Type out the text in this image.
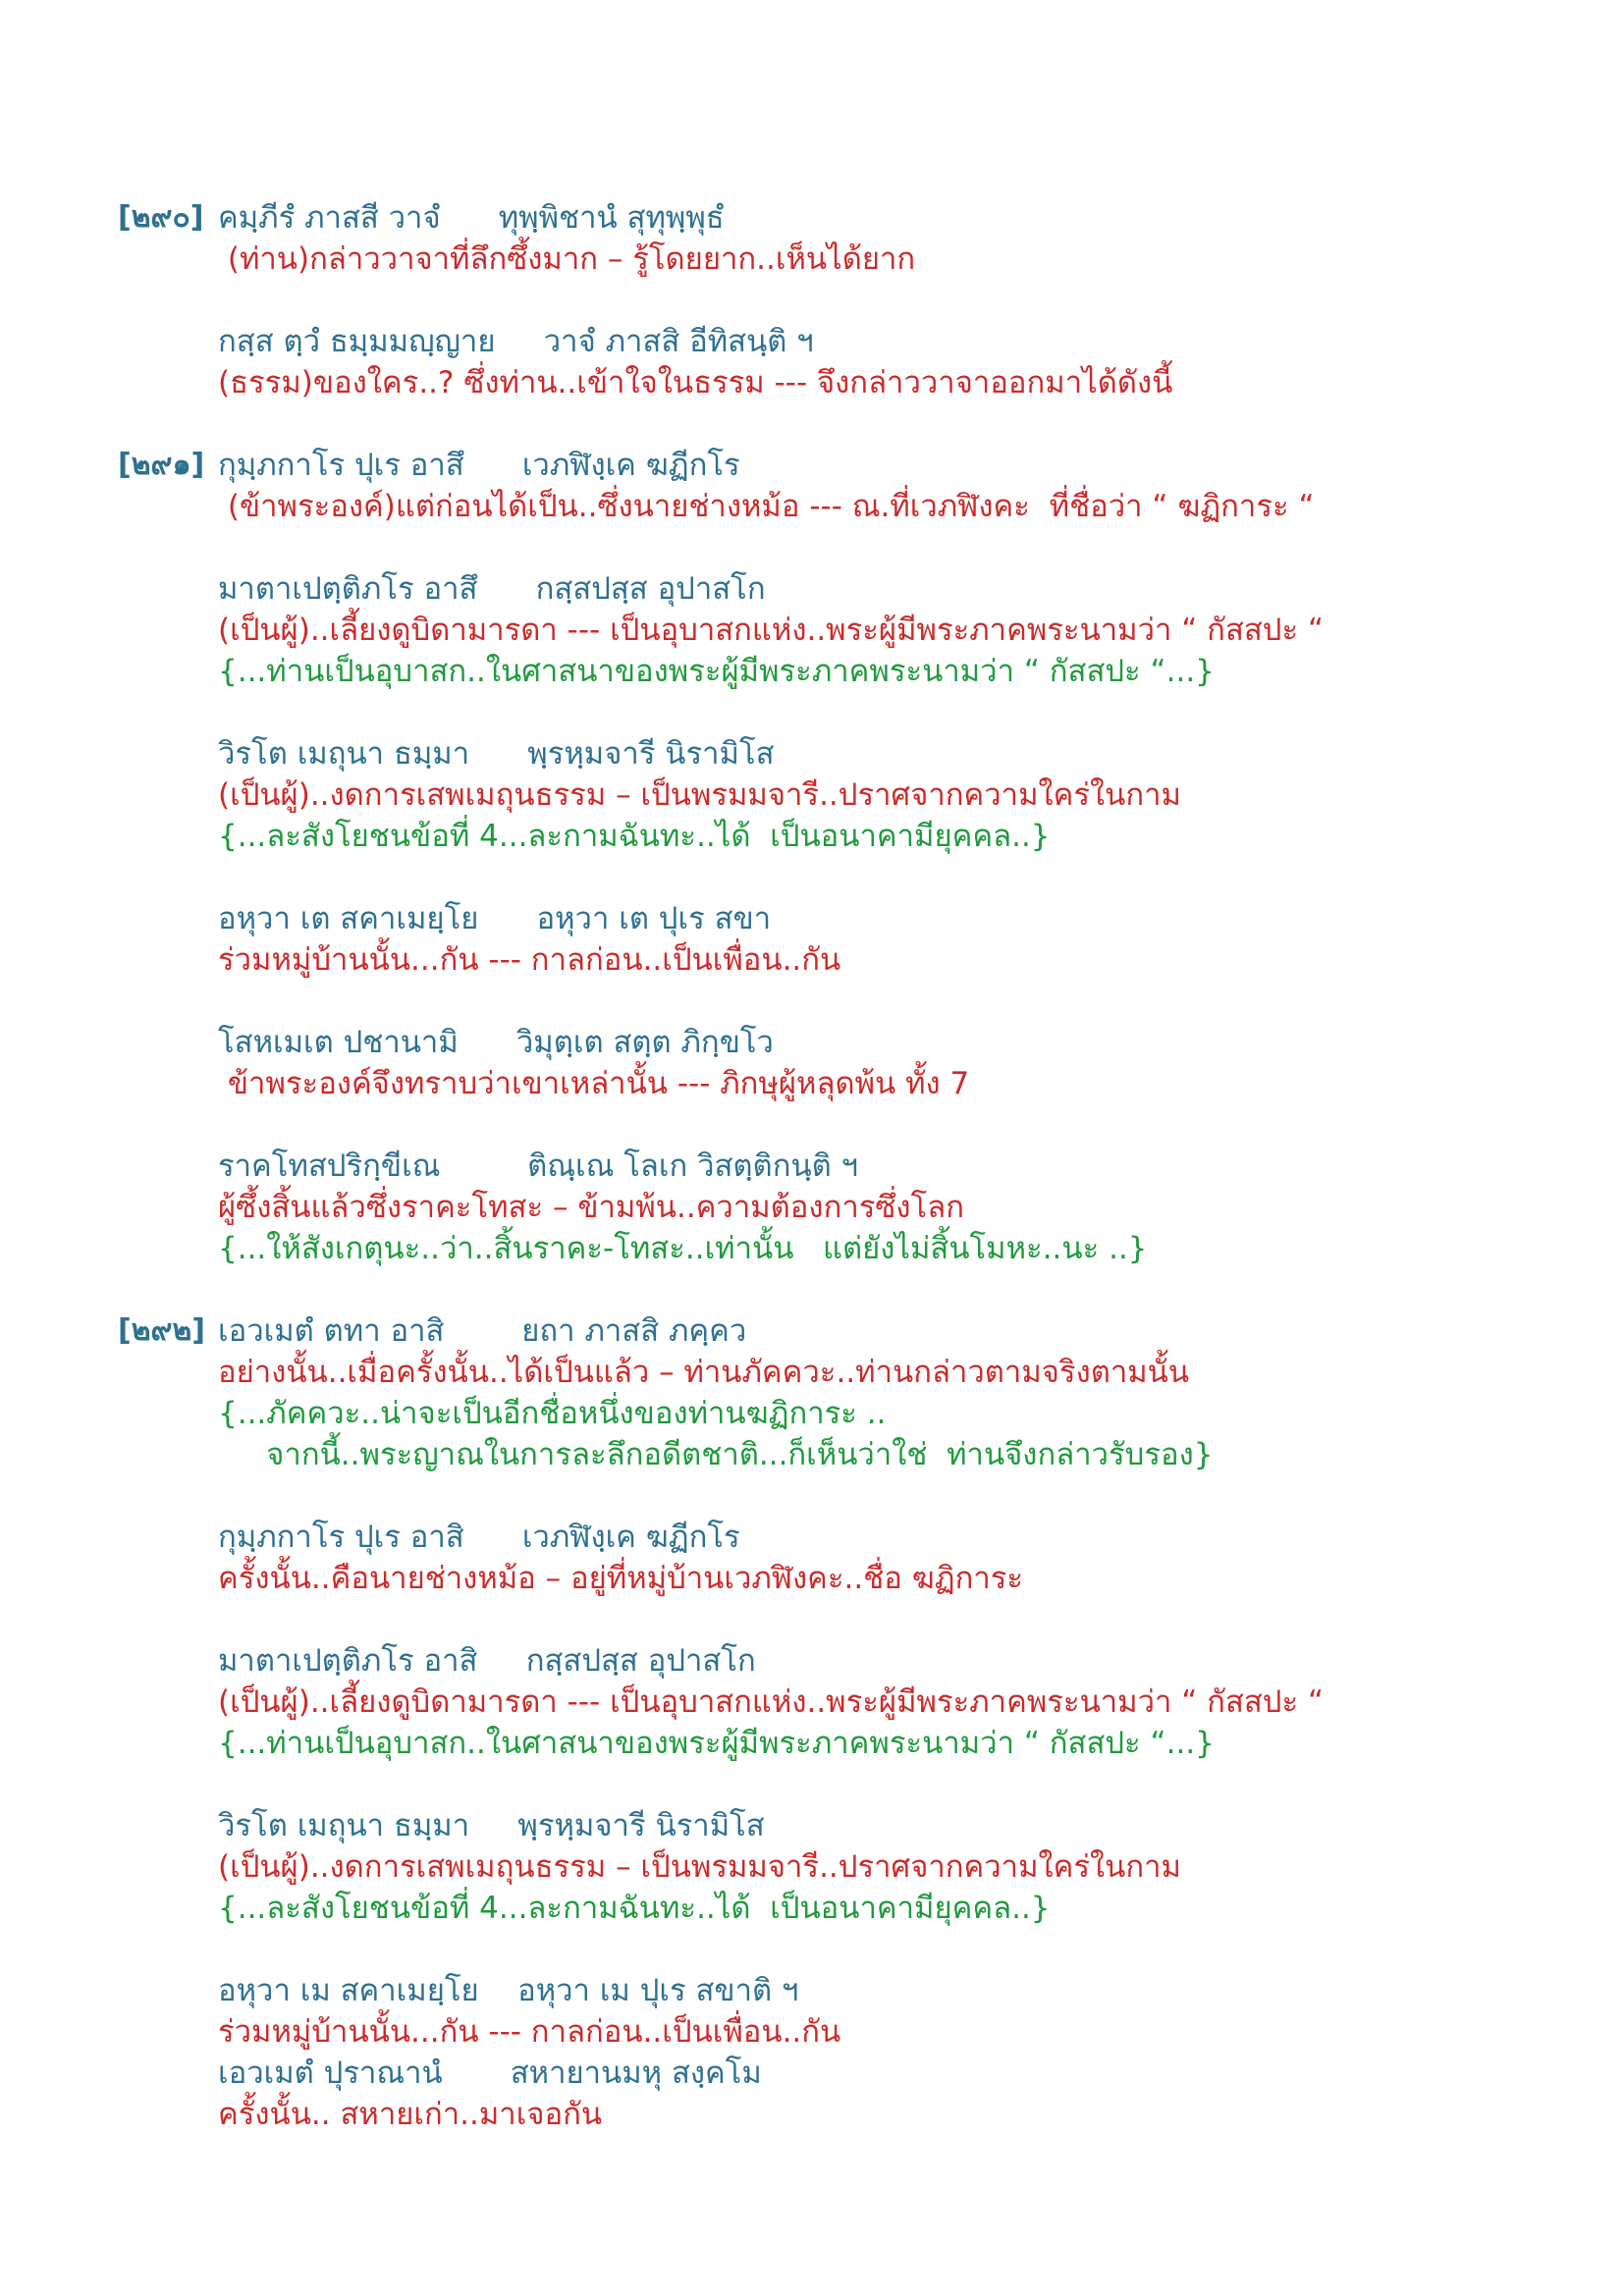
[๒๙๐] คมฺภีรํ ภาสสี วาจํ      ทุพฺพิชานํ สุทุพฺพุธํ
(ท่าน)กล่าววาจาที่ลึกซึ้งมาก – รู้โดยยาก..เห็นได้ยาก
กสฺส ตฺวํ ธมฺมมญฺญาย     วาจํ ภาสสิ อีทิสนฺติ ฯ
(ธรรม)ของใคร..? ซึ่งท่าน..เข้าใจในธรรม --- จึงกล่าววาจาออกมาได้ดังนี้
[๒๙๑] กุมฺภกาโร ปุเร อาสึ      เวภฬิงฺเค ฆฏีกโร
(ข้าพระองค์)แต่ก่อนได้เป็น..ซึ่งนายช่างหม้อ --- ณ.ที่เวภฬิงคะ  ที่ชื่อว่า “ ฆฏิการะ “
มาตาเปตฺติภโร อาสึ      กสฺสปสฺส อุปาสโก
(เป็นผู้)..เลี้ยงดูบิดามารดา --- เป็นอุบาสกแห่ง..พระผู้มีพระภาคพระนามว่า “ กัสสปะ “
{...ท่านเป็นอุบาสก..ในศาสนาของพระผู้มีพระภาคพระนามว่า “ กัสสปะ “...}
วิรโต เมถุนา ธมฺมา      พฺรหฺมจารี นิรามิโส
(เป็นผู้)..งดการเสพเมถุนธรรม – เป็นพรมมจารี..ปราศจากความใคร่ในกาม
{...ละสังโยชนข้อที่ 4...ละกามฉันทะ..ได้  เป็นอนาคามียุคคล..}
อหุวา เต สคาเมยฺโย      อหุวา เต ปุเร สขา
ร่วมหมู่บ้านนั้น...กัน --- กาลก่อน..เป็นเพื่อน..กัน
โสหเมเต ปชานามิ      วิมุตฺเต สตฺต ภิกฺขโว
ข้าพระองค์จึงทราบว่าเขาเหล่านั้น --- ภิกษุผู้หลุดพ้น ทั้ง 7
ราคโทสปริกฺขีเณ         ติณฺเณ โลเก วิสตฺติกนฺติ ฯ
ผู้ซึ้งสิ้นแล้วซึ่งราคะโทสะ – ข้ามพ้น..ความต้องการซึ่งโลก
{...ให้สังเกตุนะ..ว่า..สิ้นราคะ-โทสะ..เท่านั้น   แต่ยังไม่สิ้นโมหะ..นะ ..}
[๒๙๒] เอวเมตํ ตทา อาสิ        ยถา ภาสสิ ภคฺคว
อย่างนั้น..เมื่อครั้งนั้น..ได้เป็นแล้ว – ท่านภัคควะ..ท่านกล่าวตามจริงตามนั้น
{...ภัคควะ..น่าจะเป็นอีกชื่อหนึ่งของท่านฆฏิการะ ..
จากนี้..พระญาณในการละลึกอดีตชาติ...ก็เห็นว่าใช่  ท่านจึงกล่าวรับรอง}
กุมฺภกาโร ปุเร อาสิ      เวภฬิงฺเค ฆฏีกโร
ครั้งนั้น..คือนายช่างหม้อ – อยู่ที่หมู่บ้านเวภฬิงคะ..ชื่อ ฆฏิการะ
มาตาเปตฺติภโร อาสิ     กสฺสปสฺส อุปาสโก
(เป็นผู้)..เลี้ยงดูบิดามารดา --- เป็นอุบาสกแห่ง..พระผู้มีพระภาคพระนามว่า “ กัสสปะ “
{...ท่านเป็นอุบาสก..ในศาสนาของพระผู้มีพระภาคพระนามว่า “ กัสสปะ “...}
วิรโต เมถุนา ธมฺมา     พฺรหฺมจารี นิรามิโส
(เป็นผู้)..งดการเสพเมถุนธรรม – เป็นพรมมจารี..ปราศจากความใคร่ในกาม
{...ละสังโยชนข้อที่ 4...ละกามฉันทะ..ได้  เป็นอนาคามียุคคล..}
อหุวา เม สคาเมยฺโย    อหุวา เม ปุเร สขาติ ฯ
ร่วมหมู่บ้านนั้น...กัน --- กาลก่อน..เป็นเพื่อน..กัน
เอวเมตํ ปุราณานํ       สหายานมหุ สงฺคโม
ครั้งนั้น.. สหายเก่า..มาเจอกัน
